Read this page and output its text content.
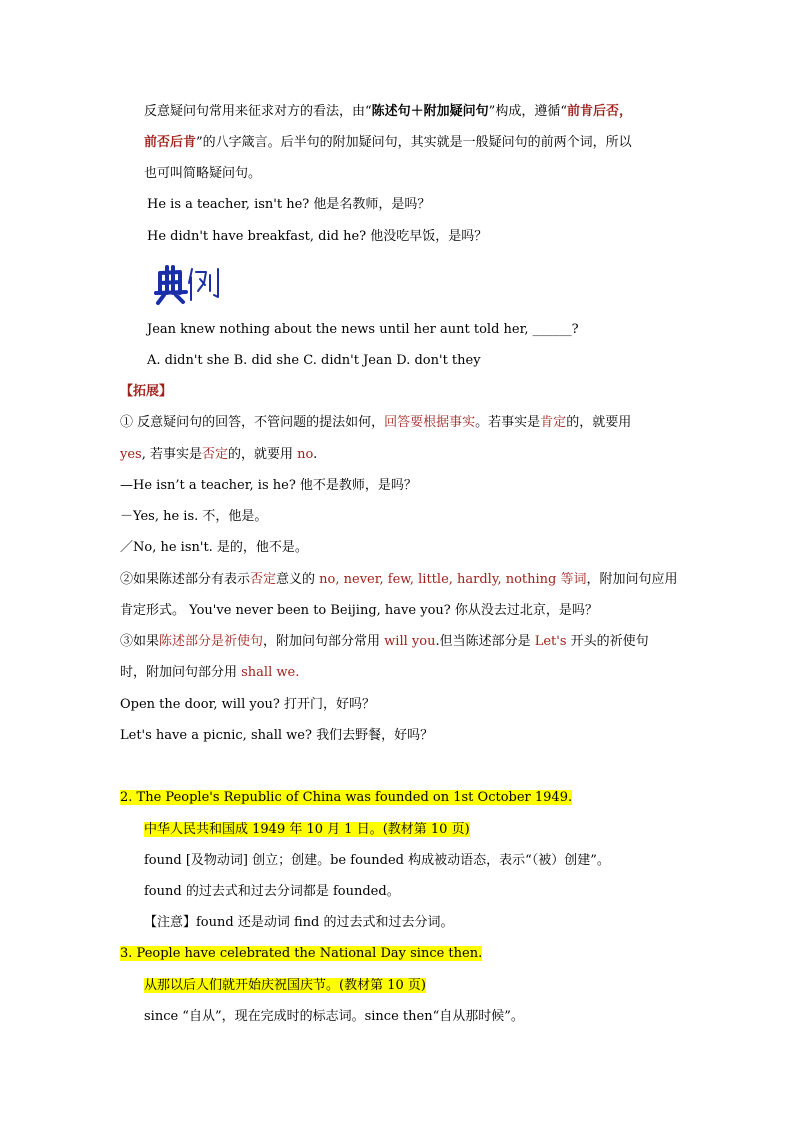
反意疑问句常用来征求对方的看法，由“陈述句＋附加疑问句”构成，遵循“前肯后否，
前否后肯”的八字箴言。后半句的附加疑问句，其实就是一般疑问句的前两个词，所以
也可叫简略疑问句。
He is a teacher, isn't he? 他是名教师，是吗？
He didn't have breakfast, did he? 他没吃早饭，是吗？
Jean knew nothing about the news until her aunt told her, ______?
A. didn't she B. did she C. didn't Jean D. don't they
【拓展】
① 反意疑问句的回答，不管问题的提法如何，回答要根据事实。若事实是肯定的，就要用
yes, 若事实是否定的，就要用 no.
—He isn’t a teacher, is he? 他不是教师，是吗？
－Yes, he is. 不，他是。
／No, he isn't. 是的，他不是。
②如果陈述部分有表示否定意义的 no, never, few, little, hardly, nothing 等词，附加问句应用
肯定形式。 You've never been to Beijing, have you? 你从没去过北京，是吗？
③如果陈述部分是祈使句，附加问句部分常用 will you.但当陈述部分是 Let's 开头的祈使句
时，附加问句部分用 shall we.
Open the door, will you? 打开门，好吗？
Let's have a picnic, shall we? 我们去野餐，好吗？
2. The People's Republic of China was founded on 1st October 1949.
中华人民共和国成 1949 年 10 月 1 日。(教材第 10 页)
found [及物动词] 创立；创建。be founded 构成被动语态，表示“（被）创建”。
found 的过去式和过去分词都是 founded。
【注意】found 还是动词 find 的过去式和过去分词。
3. People have celebrated the National Day since then.
从那以后人们就开始庆祝国庆节。(教材第 10 页)
since “自从”，现在完成时的标志词。since then“自从那时候”。
